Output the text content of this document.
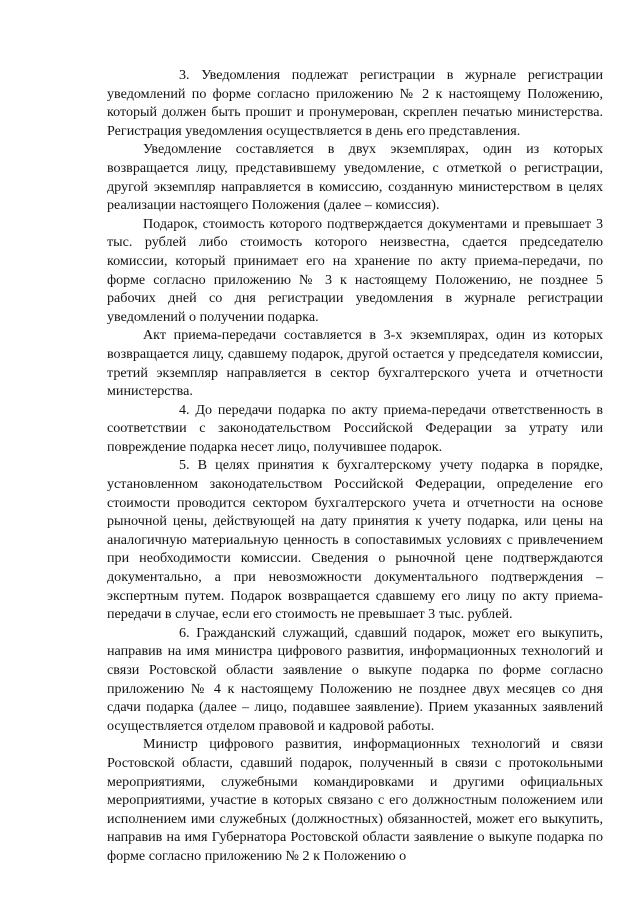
3. Уведомления подлежат регистрации в журнале регистрации уведомлений по форме согласно приложению № 2 к настоящему Положению, который должен быть прошит и пронумерован, скреплен печатью министерства. Регистрация уведомления осуществляется в день его представления.

Уведомление составляется в двух экземплярах, один из которых возвращается лицу, представившему уведомление, с отметкой о регистрации, другой экземпляр направляется в комиссию, созданную министерством в целях реализации настоящего Положения (далее – комиссия).

Подарок, стоимость которого подтверждается документами и превышает 3 тыс. рублей либо стоимость которого неизвестна, сдается председателю комиссии, который принимает его на хранение по акту приема-передачи, по форме согласно приложению № 3 к настоящему Положению, не позднее 5 рабочих дней со дня регистрации уведомления в журнале регистрации уведомлений о получении подарка.

Акт приема-передачи составляется в 3-х экземплярах, один из которых возвращается лицу, сдавшему подарок, другой остается у председателя комиссии, третий экземпляр направляется в сектор бухгалтерского учета и отчетности министерства.

4. До передачи подарка по акту приема-передачи ответственность в соответствии с законодательством Российской Федерации за утрату или повреждение подарка несет лицо, получившее подарок.

5. В целях принятия к бухгалтерскому учету подарка в порядке, установленном законодательством Российской Федерации, определение его стоимости проводится сектором бухгалтерского учета и отчетности на основе рыночной цены, действующей на дату принятия к учету подарка, или цены на аналогичную материальную ценность в сопоставимых условиях с привлечением при необходимости комиссии. Сведения о рыночной цене подтверждаются документально, а при невозможности документального подтверждения – экспертным путем. Подарок возвращается сдавшему его лицу по акту приема-передачи в случае, если его стоимость не превышает 3 тыс. рублей.

6. Гражданский служащий, сдавший подарок, может его выкупить, направив на имя министра цифрового развития, информационных технологий и связи Ростовской области заявление о выкупе подарка по форме согласно приложению № 4 к настоящему Положению не позднее двух месяцев со дня сдачи подарка (далее – лицо, подавшее заявление). Прием указанных заявлений осуществляется отделом правовой и кадровой работы.

Министр цифрового развития, информационных технологий и связи Ростовской области, сдавший подарок, полученный в связи с протокольными мероприятиями, служебными командировками и другими официальных мероприятиями, участие в которых связано с его должностным положением или исполнением ими служебных (должностных) обязанностей, может его выкупить, направив на имя Губернатора Ростовской области заявление о выкупе подарка по форме согласно приложению № 2 к Положению о
